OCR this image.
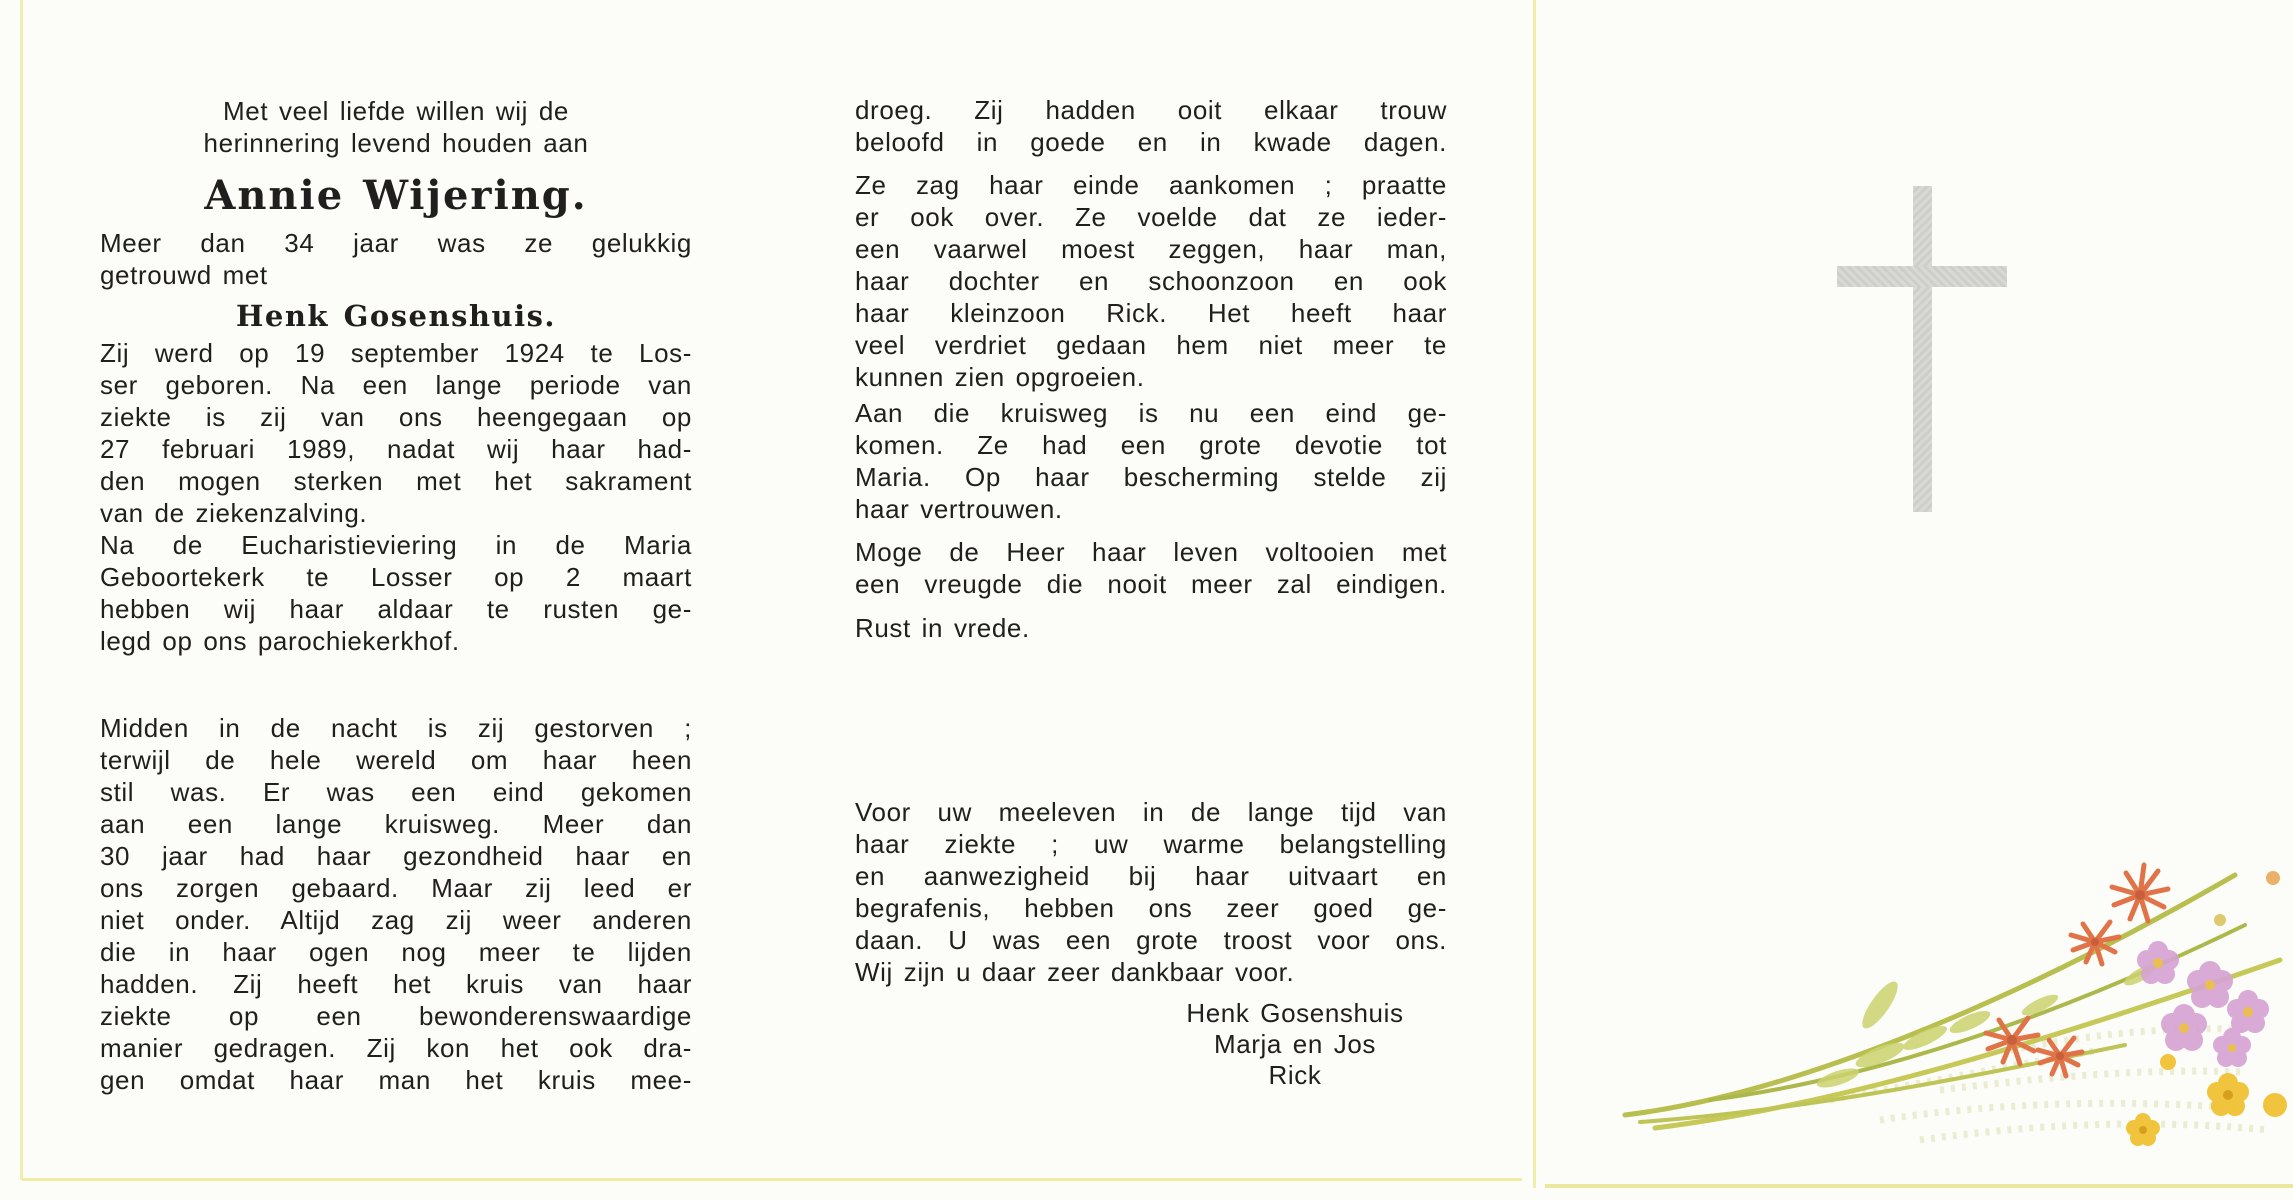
Met veel liefde willen wij de
herinnering levend houden aan
Annie Wijering.
Meer dan 34 jaar was ze gelukkig
getrouwd met
Henk Gosenshuis.
Zij werd op 19 september 1924 te Los-
ser geboren. Na een lange periode van
ziekte is zij van ons heengegaan op
27 februari 1989, nadat wij haar had-
den mogen sterken met het sakrament
van de ziekenzalving.
Na de Eucharistieviering in de Maria
Geboortekerk te Losser op 2 maart
hebben wij haar aldaar te rusten ge-
legd op ons parochiekerkhof.
Midden in de nacht is zij gestorven ;
terwijl de hele wereld om haar heen
stil was. Er was een eind gekomen
aan een lange kruisweg. Meer dan
30 jaar had haar gezondheid haar en
ons zorgen gebaard. Maar zij leed er
niet onder. Altijd zag zij weer anderen
die in haar ogen nog meer te lijden
hadden. Zij heeft het kruis van haar
ziekte op een bewonderenswaardige
manier gedragen. Zij kon het ook dra-
gen omdat haar man het kruis mee-
droeg. Zij hadden ooit elkaar trouw
beloofd in goede en in kwade dagen.
Ze zag haar einde aankomen ; praatte
er ook over. Ze voelde dat ze ieder-
een vaarwel moest zeggen, haar man,
haar dochter en schoonzoon en ook
haar kleinzoon Rick. Het heeft haar
veel verdriet gedaan hem niet meer te
kunnen zien opgroeien.
Aan die kruisweg is nu een eind ge-
komen. Ze had een grote devotie tot
Maria. Op haar bescherming stelde zij
haar vertrouwen.
Moge de Heer haar leven voltooien met
een vreugde die nooit meer zal eindigen.
Rust in vrede.
Voor uw meeleven in de lange tijd van
haar ziekte ; uw warme belangstelling
en aanwezigheid bij haar uitvaart en
begrafenis, hebben ons zeer goed ge-
daan. U was een grote troost voor ons.
Wij zijn u daar zeer dankbaar voor.
Henk Gosenshuis
Marja en Jos
Rick
